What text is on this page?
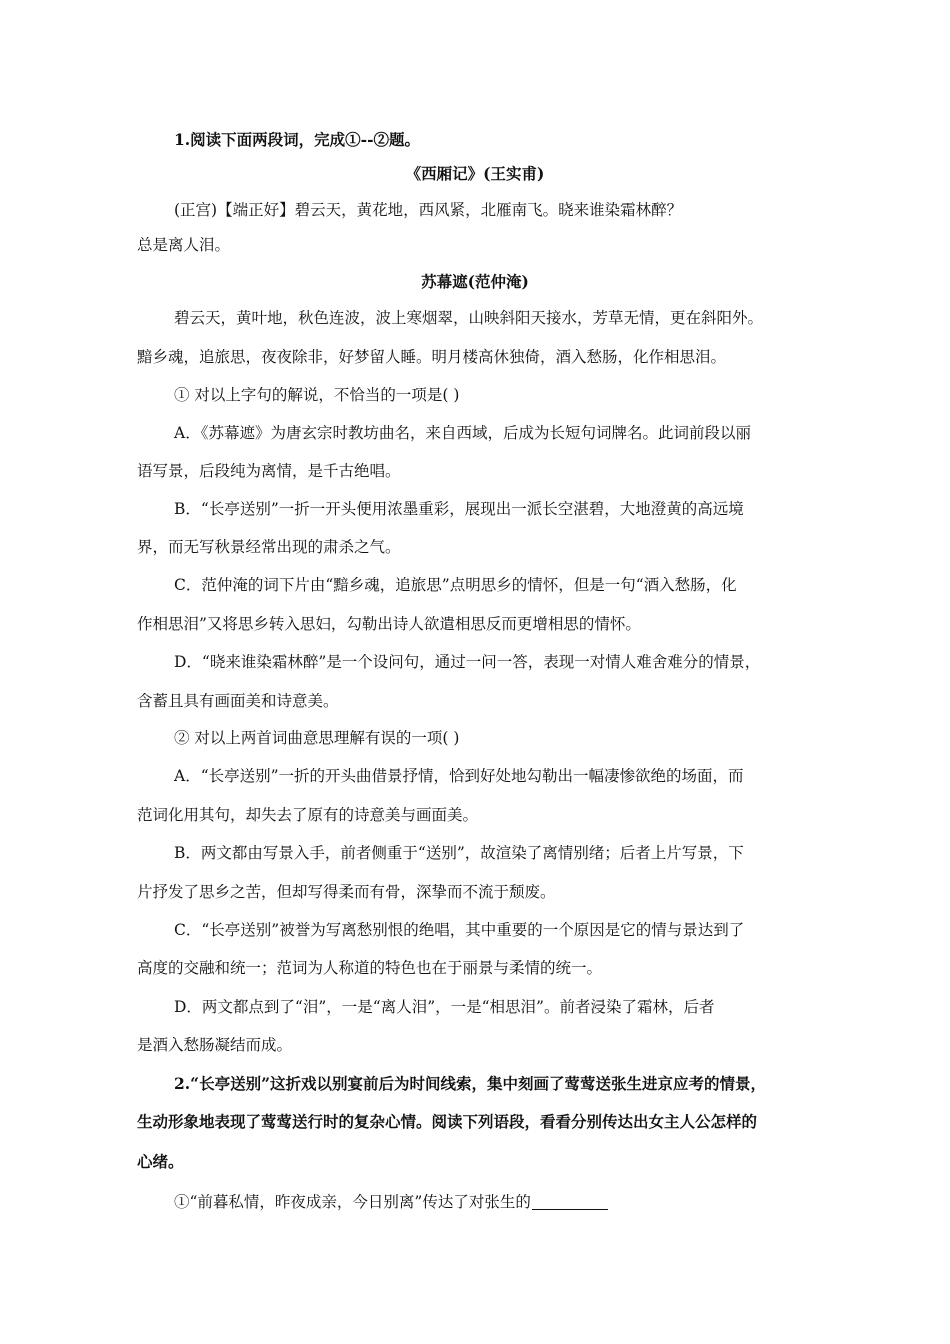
1.阅读下面两段词，完成①--②题。
《西厢记》(王实甫)
(正宫)【端正好】碧云天，黄花地，西风紧，北雁南飞。晓来谁染霜林醉？
总是离人泪。
苏幕遮(范仲淹)
碧云天，黄叶地，秋色连波，波上寒烟翠，山映斜阳天接水，芳草无情，更在斜阳外。
黯乡魂，追旅思，夜夜除非，好梦留人睡。明月楼高休独倚，酒入愁肠，化作相思泪。
① 对以上字句的解说，不恰当的一项是( )
A．《苏幕遮》为唐玄宗时教坊曲名，来自西域，后成为长短句词牌名。此词前段以丽
语写景，后段纯为离情，是千古绝唱。
B．“长亭送别”一折一开头便用浓墨重彩，展现出一派长空湛碧，大地澄黄的高远境
界，而无写秋景经常出现的肃杀之气。
C．范仲淹的词下片由“黯乡魂，追旅思”点明思乡的情怀，但是一句“酒入愁肠，化
作相思泪”又将思乡转入思妇，勾勒出诗人欲遣相思反而更增相思的情怀。
D．“晓来谁染霜林醉”是一个设问句，通过一问一答，表现一对情人难舍难分的情景，
含蓄且具有画面美和诗意美。
② 对以上两首词曲意思理解有误的一项( )
A．“长亭送别”一折的开头曲借景抒情，恰到好处地勾勒出一幅凄惨欲绝的场面，而
范词化用其句，却失去了原有的诗意美与画面美。
B．两文都由写景入手，前者侧重于“送别”，故渲染了离情别绪；后者上片写景，下
片抒发了思乡之苦，但却写得柔而有骨，深挚而不流于颓废。
C．“长亭送别”被誉为写离愁别恨的绝唱，其中重要的一个原因是它的情与景达到了
高度的交融和统一；范词为人称道的特色也在于丽景与柔情的统一。
D．两文都点到了“泪”，一是“离人泪”，一是“相思泪”。前者浸染了霜林，后者
是酒入愁肠凝结而成。
2.“长亭送别”这折戏以别宴前后为时间线索，集中刻画了莺莺送张生进京应考的情景，
生动形象地表现了莺莺送行时的复杂心情。阅读下列语段，看看分别传达出女主人公怎样的
心绪。
①“前暮私情，昨夜成亲，今日别离”传达了对张生的
